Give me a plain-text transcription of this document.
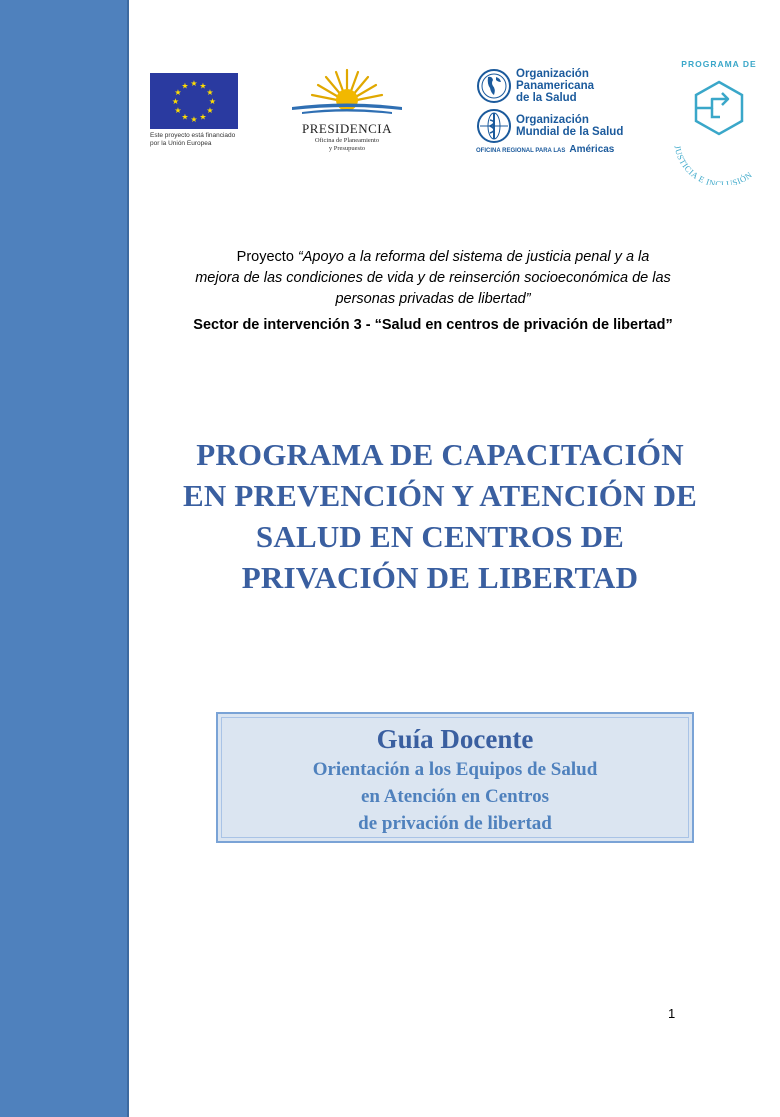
★ ★
★
★
★
★
★
★
★
★
★
★
Este proyecto está financiado
por la Unión Europea
PRESIDENCIA
Oficina de Planeamiento
y Presupuesto
Organización
Panamericana
de la Salud
Organización
Mundial de la Salud
OFICINA REGIONAL PARA LAS Américas
PROGRAMA DE
JUSTICIA E INCLUSIÓN
Proyecto “Apoyo a la reforma del sistema de justicia penal y a la
mejora de las condiciones de vida y de reinserción socioeconómica de las
personas privadas de libertad”
Sector de intervención 3 - “Salud en centros de privación de libertad”
PROGRAMA DE CAPACITACIÓN
EN PREVENCIÓN Y ATENCIÓN DE
SALUD EN CENTROS DE
PRIVACIÓN DE LIBERTAD
Guía Docente
Orientación a los Equipos de Salud
en Atención en Centros
de privación de libertad
1
